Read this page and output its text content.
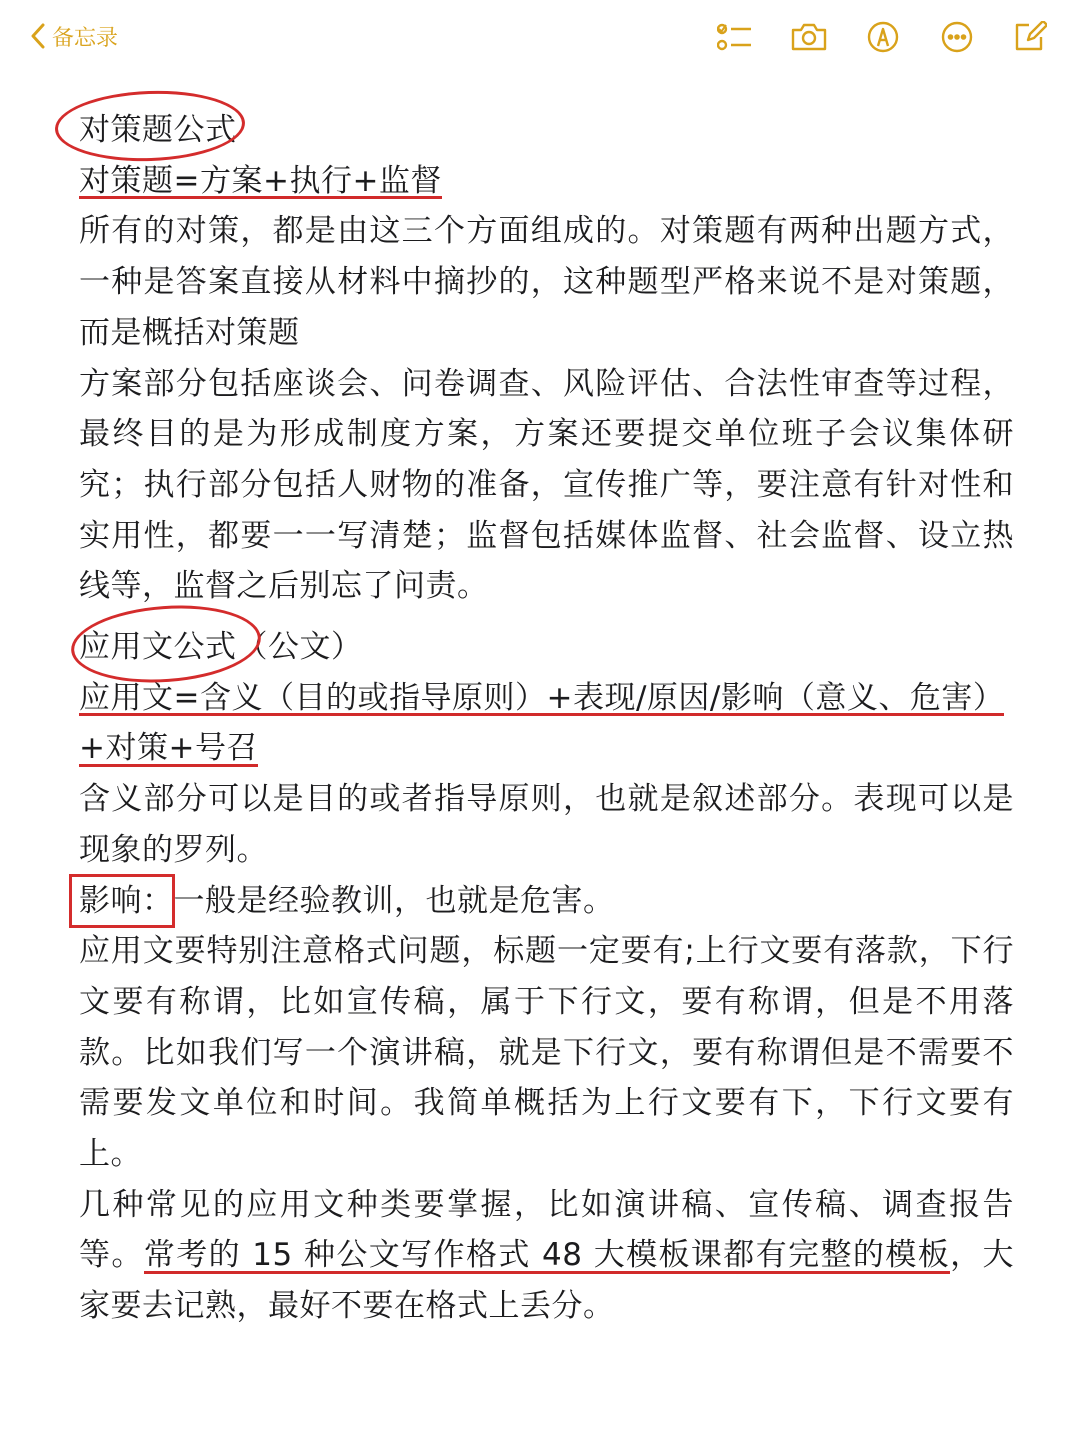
备忘录

对策题公式

对策题=方案+执行+监督

所有的对策，都是由这三个方面组成的。对策题有两种出题方式，一种是答案直接从材料中摘抄的，这种题型严格来说不是对策题，而是概括对策题

方案部分包括座谈会、问卷调查、风险评估、合法性审查等过程，最终目的是为形成制度方案，方案还要提交单位班子会议集体研究；执行部分包括人财物的准备，宣传推广等，要注意有针对性和实用性，都要一一写清楚；监督包括媒体监督、社会监督、设立热线等，监督之后别忘了问责。

应用文公式
（公文）

应用文=含义（目的或指导原则）+表现/原因/影响（意义、危害）

+对策+号召

含义部分可以是目的或者指导原则，也就是叙述部分。表现可以是现象的罗列。

影响：
一般是经验教训，也就是危害。

应用文要特别注意格式问题，标题一定要有;上行文要有落款，下行文要有称谓，比如宣传稿，属于下行文，要有称谓，但是不用落款。比如我们写一个演讲稿，就是下行文，要有称谓但是不需要不需要发文单位和时间。我简单概括为上行文要有下，下行文要有上。

几种常见的应用文种类要掌握，比如演讲稿、宣传稿、调查报告等。常考的 15 种公文写作格式 48 大模板课都有完整的模板，大家要去记熟，最好不要在格式上丢分。
